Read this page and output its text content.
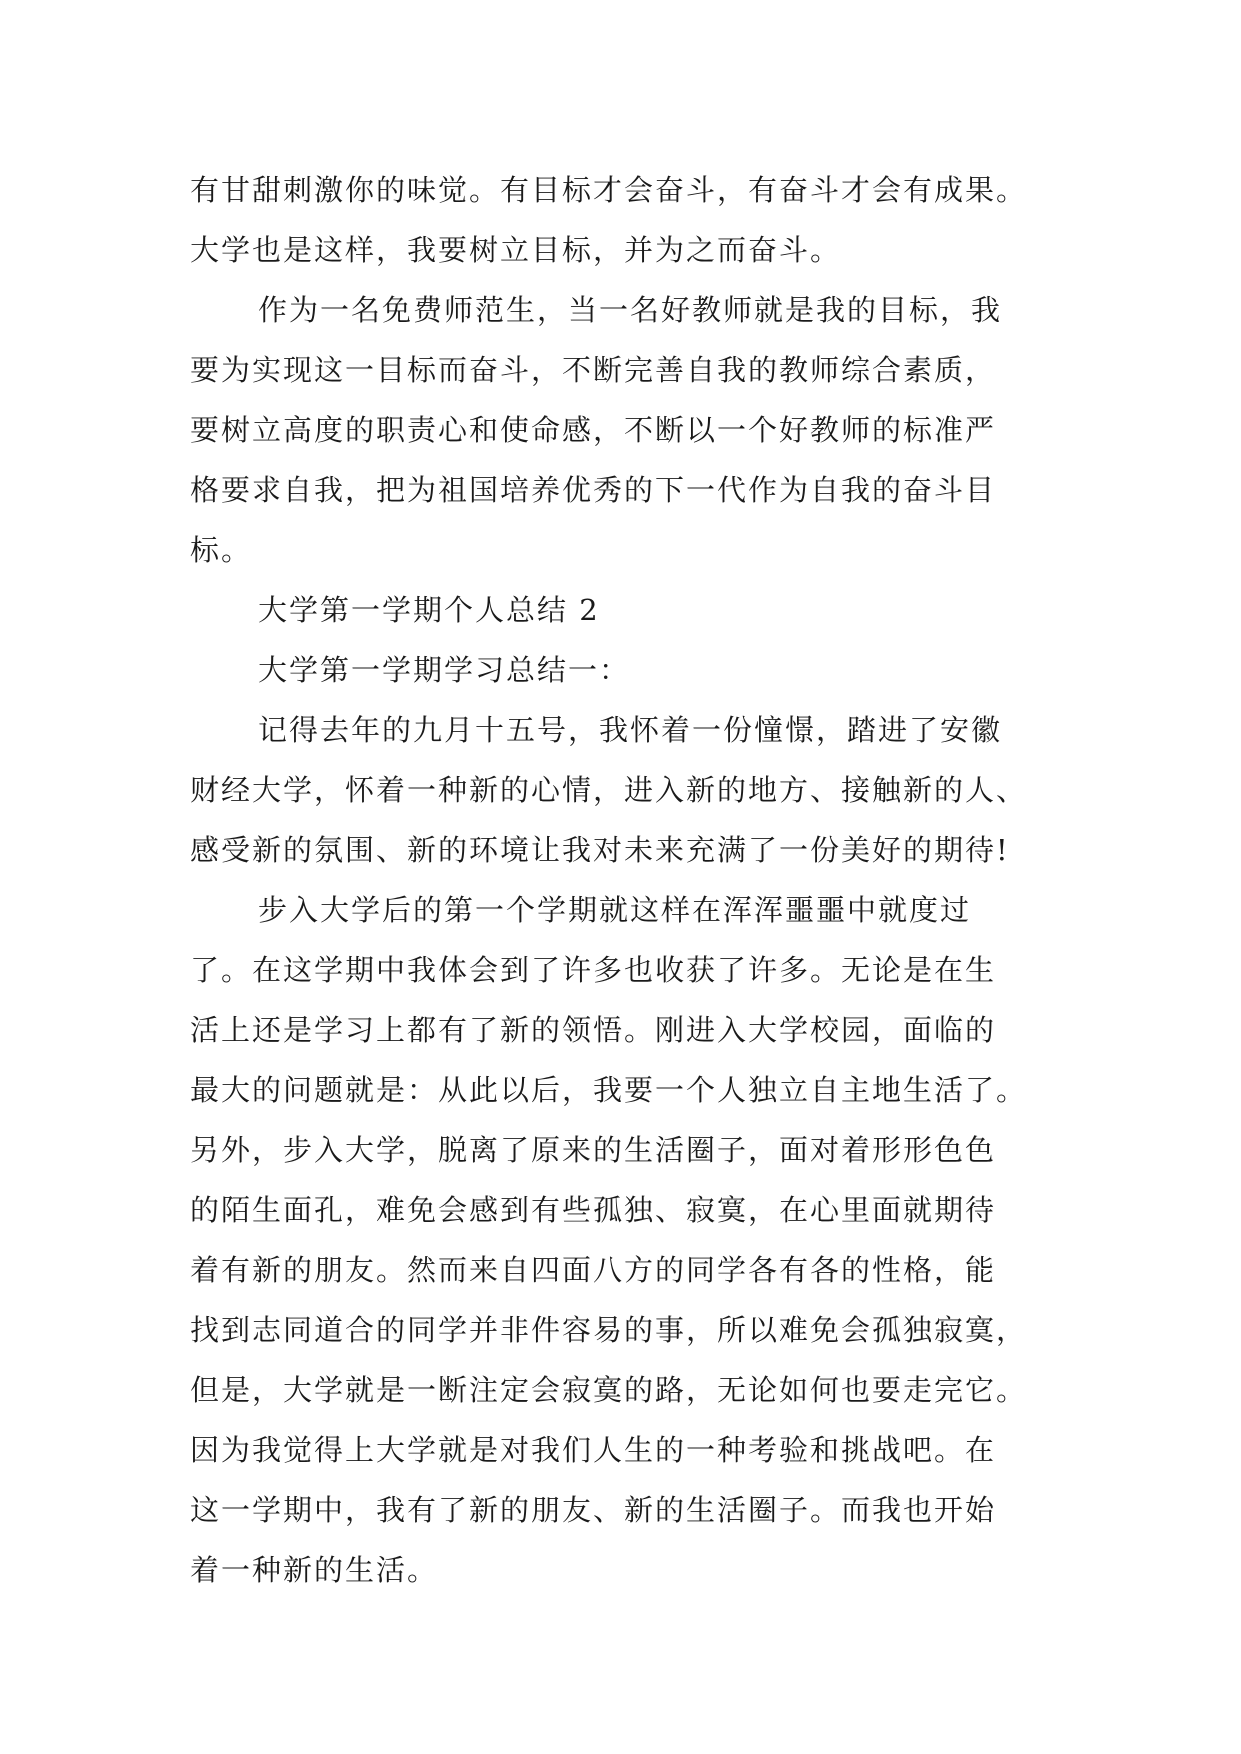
有甘甜刺激你的味觉。有目标才会奋斗，有奋斗才会有成果。
大学也是这样，我要树立目标，并为之而奋斗。
作为一名免费师范生，当一名好教师就是我的目标，我
要为实现这一目标而奋斗，不断完善自我的教师综合素质，
要树立高度的职责心和使命感，不断以一个好教师的标准严
格要求自我，把为祖国培养优秀的下一代作为自我的奋斗目
标。
大学第一学期个人总结 2
大学第一学期学习总结一：
记得去年的九月十五号，我怀着一份憧憬，踏进了安徽
财经大学，怀着一种新的心情，进入新的地方、接触新的人、
感受新的氛围、新的环境让我对未来充满了一份美好的期待!
步入大学后的第一个学期就这样在浑浑噩噩中就度过
了。在这学期中我体会到了许多也收获了许多。无论是在生
活上还是学习上都有了新的领悟。刚进入大学校园，面临的
最大的问题就是：从此以后，我要一个人独立自主地生活了。
另外，步入大学，脱离了原来的生活圈子，面对着形形色色
的陌生面孔，难免会感到有些孤独、寂寞，在心里面就期待
着有新的朋友。然而来自四面八方的同学各有各的性格，能
找到志同道合的同学并非件容易的事，所以难免会孤独寂寞，
但是，大学就是一断注定会寂寞的路，无论如何也要走完它。
因为我觉得上大学就是对我们人生的一种考验和挑战吧。在
这一学期中，我有了新的朋友、新的生活圈子。而我也开始
着一种新的生活。
